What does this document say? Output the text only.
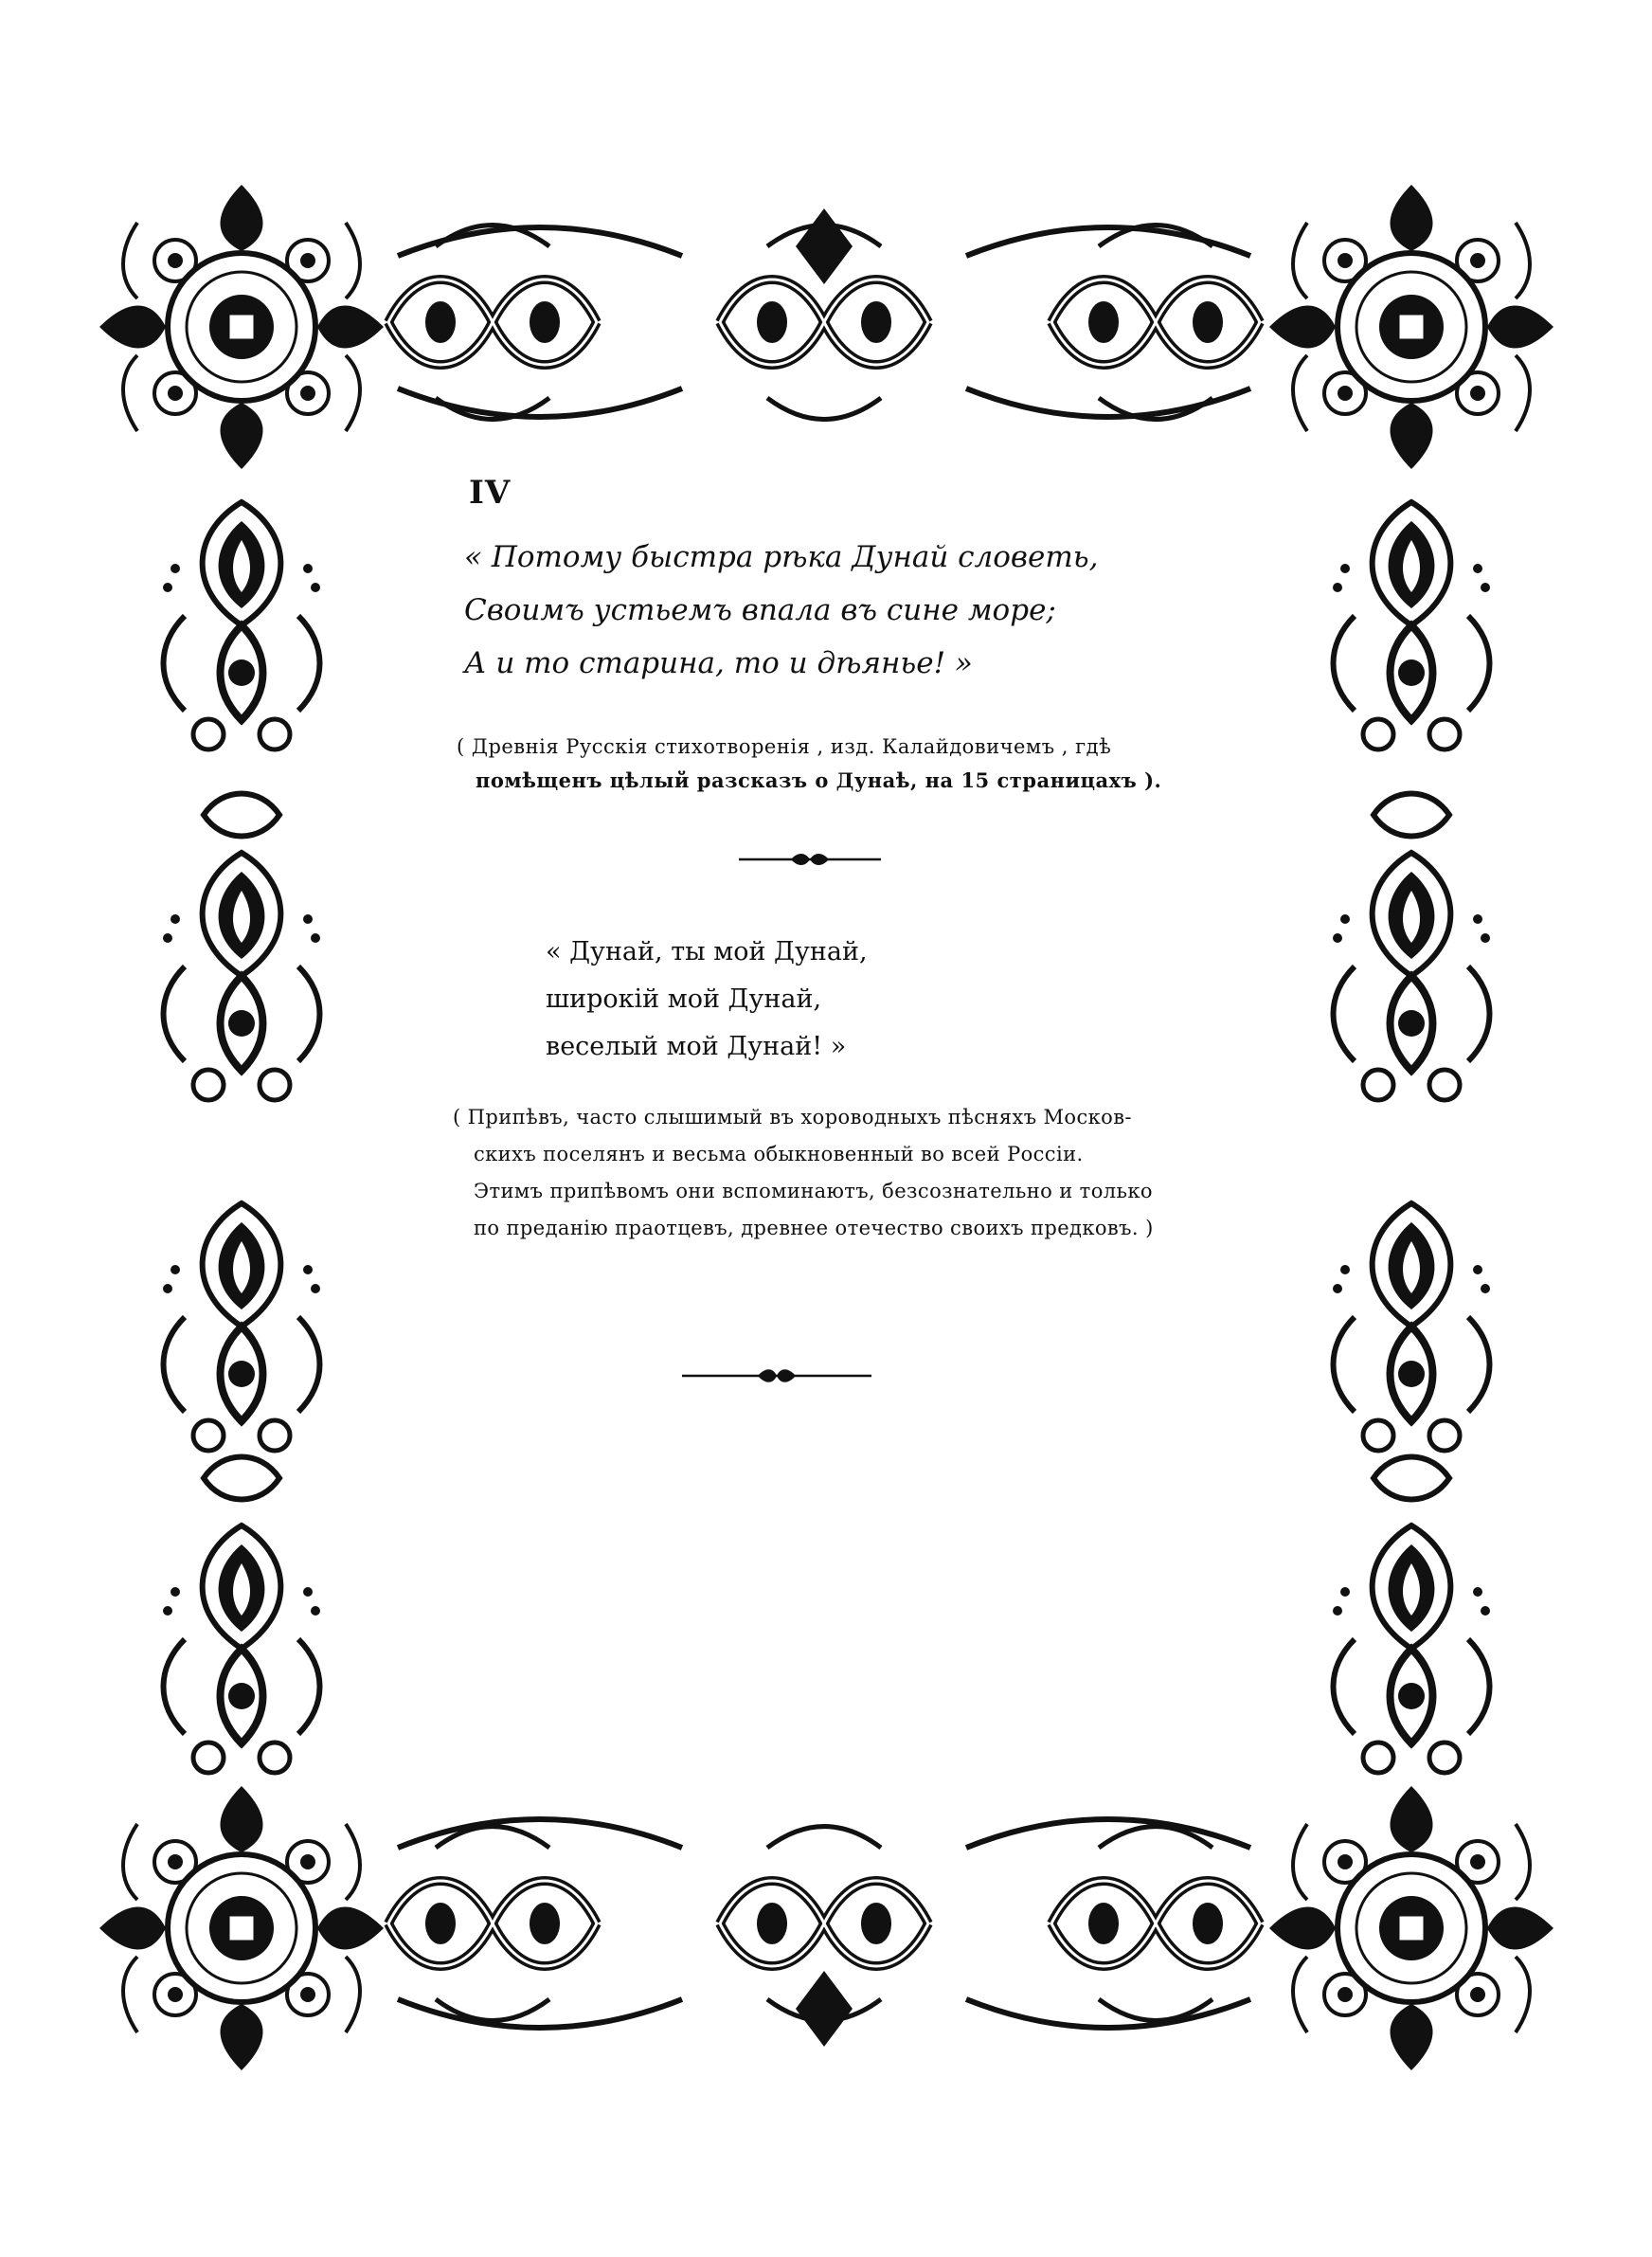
IV
« Потому быстра рѣка Дунай словеть,
Своимъ устьемъ впала въ сине море;
А и то старина, то и дѣянье! »
( Древнія Русскія стихотворенія , изд. Калайдовичемъ , гдѣ
помѣщенъ цѣлый разсказъ о Дунаѣ, на 15 страницахъ ).
« Дунай, ты мой Дунай,
широкій мой Дунай,
веселый мой Дунай! »
( Припѣвъ, часто слышимый въ хороводныхъ пѣсняхъ Москов-
скихъ поселянъ и весьма обыкновенный во всей Россіи.
Этимъ припѣвомъ они вспоминаютъ, безсознательно и только
по преданію праотцевъ, древнее отечество своихъ предковъ. )
